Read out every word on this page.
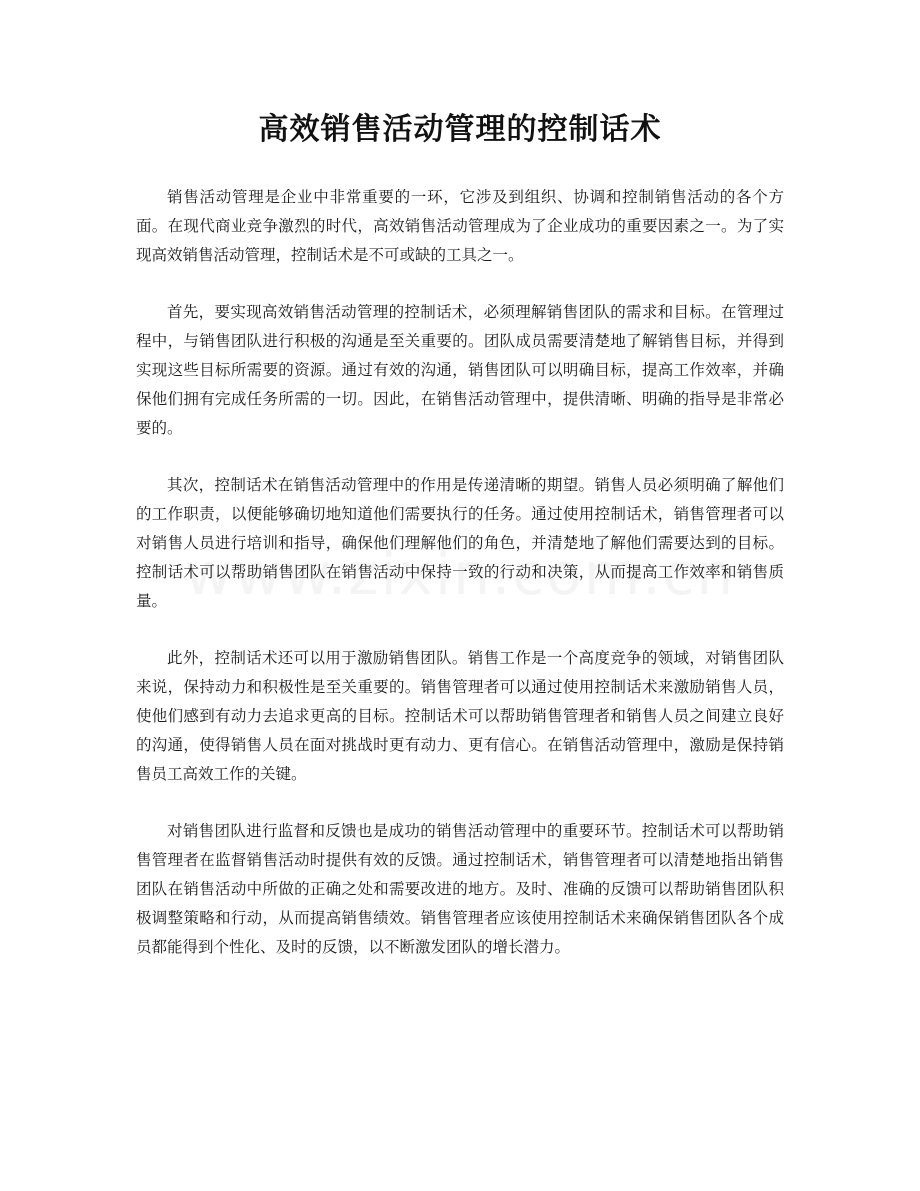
高效销售活动管理的控制话术

销售活动管理是企业中非常重要的一环，它涉及到组织、协调和控制销售活动的各个方面。在现代商业竞争激烈的时代，高效销售活动管理成为了企业成功的重要因素之一。为了实现高效销售活动管理，控制话术是不可或缺的工具之一。

首先，要实现高效销售活动管理的控制话术，必须理解销售团队的需求和目标。在管理过程中，与销售团队进行积极的沟通是至关重要的。团队成员需要清楚地了解销售目标，并得到实现这些目标所需要的资源。通过有效的沟通，销售团队可以明确目标，提高工作效率，并确保他们拥有完成任务所需的一切。因此，在销售活动管理中，提供清晰、明确的指导是非常必要的。

其次，控制话术在销售活动管理中的作用是传递清晰的期望。销售人员必须明确了解他们的工作职责，以便能够确切地知道他们需要执行的任务。通过使用控制话术，销售管理者可以对销售人员进行培训和指导，确保他们理解他们的角色，并清楚地了解他们需要达到的目标。控制话术可以帮助销售团队在销售活动中保持一致的行动和决策，从而提高工作效率和销售质量。

此外，控制话术还可以用于激励销售团队。销售工作是一个高度竞争的领域，对销售团队来说，保持动力和积极性是至关重要的。销售管理者可以通过使用控制话术来激励销售人员，使他们感到有动力去追求更高的目标。控制话术可以帮助销售管理者和销售人员之间建立良好的沟通，使得销售人员在面对挑战时更有动力、更有信心。在销售活动管理中，激励是保持销售员工高效工作的关键。

对销售团队进行监督和反馈也是成功的销售活动管理中的重要环节。控制话术可以帮助销售管理者在监督销售活动时提供有效的反馈。通过控制话术，销售管理者可以清楚地指出销售团队在销售活动中所做的正确之处和需要改进的地方。及时、准确的反馈可以帮助销售团队积极调整策略和行动，从而提高销售绩效。销售管理者应该使用控制话术来确保销售团队各个成员都能得到个性化、及时的反馈，以不断激发团队的增长潜力。
